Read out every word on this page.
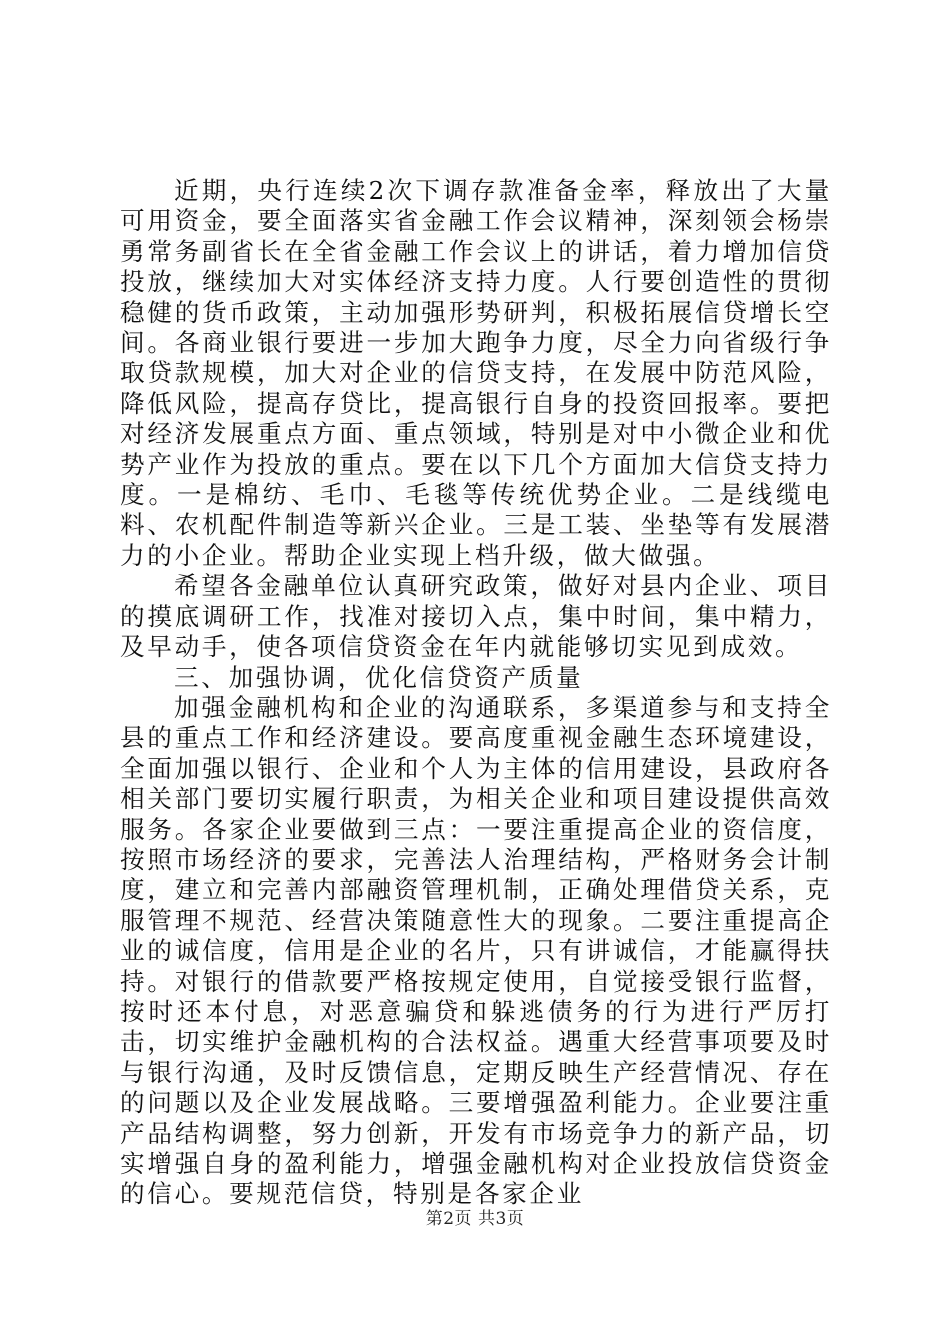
近期，央行连续2次下调存款准备金率，释放出了大量可用资金，要全面落实省金融工作会议精神，深刻领会杨崇勇常务副省长在全省金融工作会议上的讲话，着力增加信贷投放，继续加大对实体经济支持力度。人行要创造性的贯彻稳健的货币政策，主动加强形势研判，积极拓展信贷增长空间。各商业银行要进一步加大跑争力度，尽全力向省级行争取贷款规模，加大对企业的信贷支持，在发展中防范风险，降低风险，提高存贷比，提高银行自身的投资回报率。要把对经济发展重点方面、重点领域，特别是对中小微企业和优势产业作为投放的重点。要在以下几个方面加大信贷支持力度。一是棉纺、毛巾、毛毯等传统优势企业。二是线缆电料、农机配件制造等新兴企业。三是工装、坐垫等有发展潜力的小企业。帮助企业实现上档升级，做大做强。

希望各金融单位认真研究政策，做好对县内企业、项目的摸底调研工作，找准对接切入点，集中时间，集中精力，及早动手，使各项信贷资金在年内就能够切实见到成效。

三、加强协调，优化信贷资产质量

加强金融机构和企业的沟通联系，多渠道参与和支持全县的重点工作和经济建设。要高度重视金融生态环境建设，全面加强以银行、企业和个人为主体的信用建设，县政府各相关部门要切实履行职责，为相关企业和项目建设提供高效服务。各家企业要做到三点：一要注重提高企业的资信度，按照市场经济的要求，完善法人治理结构，严格财务会计制度，建立和完善内部融资管理机制，正确处理借贷关系，克服管理不规范、经营决策随意性大的现象。二要注重提高企业的诚信度，信用是企业的名片，只有讲诚信，才能赢得扶持。对银行的借款要严格按规定使用，自觉接受银行监督，按时还本付息，对恶意骗贷和躲逃债务的行为进行严厉打击，切实维护金融机构的合法权益。遇重大经营事项要及时与银行沟通，及时反馈信息，定期反映生产经营情况、存在的问题以及企业发展战略。三要增强盈利能力。企业要注重产品结构调整，努力创新，开发有市场竞争力的新产品，切实增强自身的盈利能力，增强金融机构对企业投放信贷资金的信心。要规范信贷，特别是各家企业

第2页 共3页
